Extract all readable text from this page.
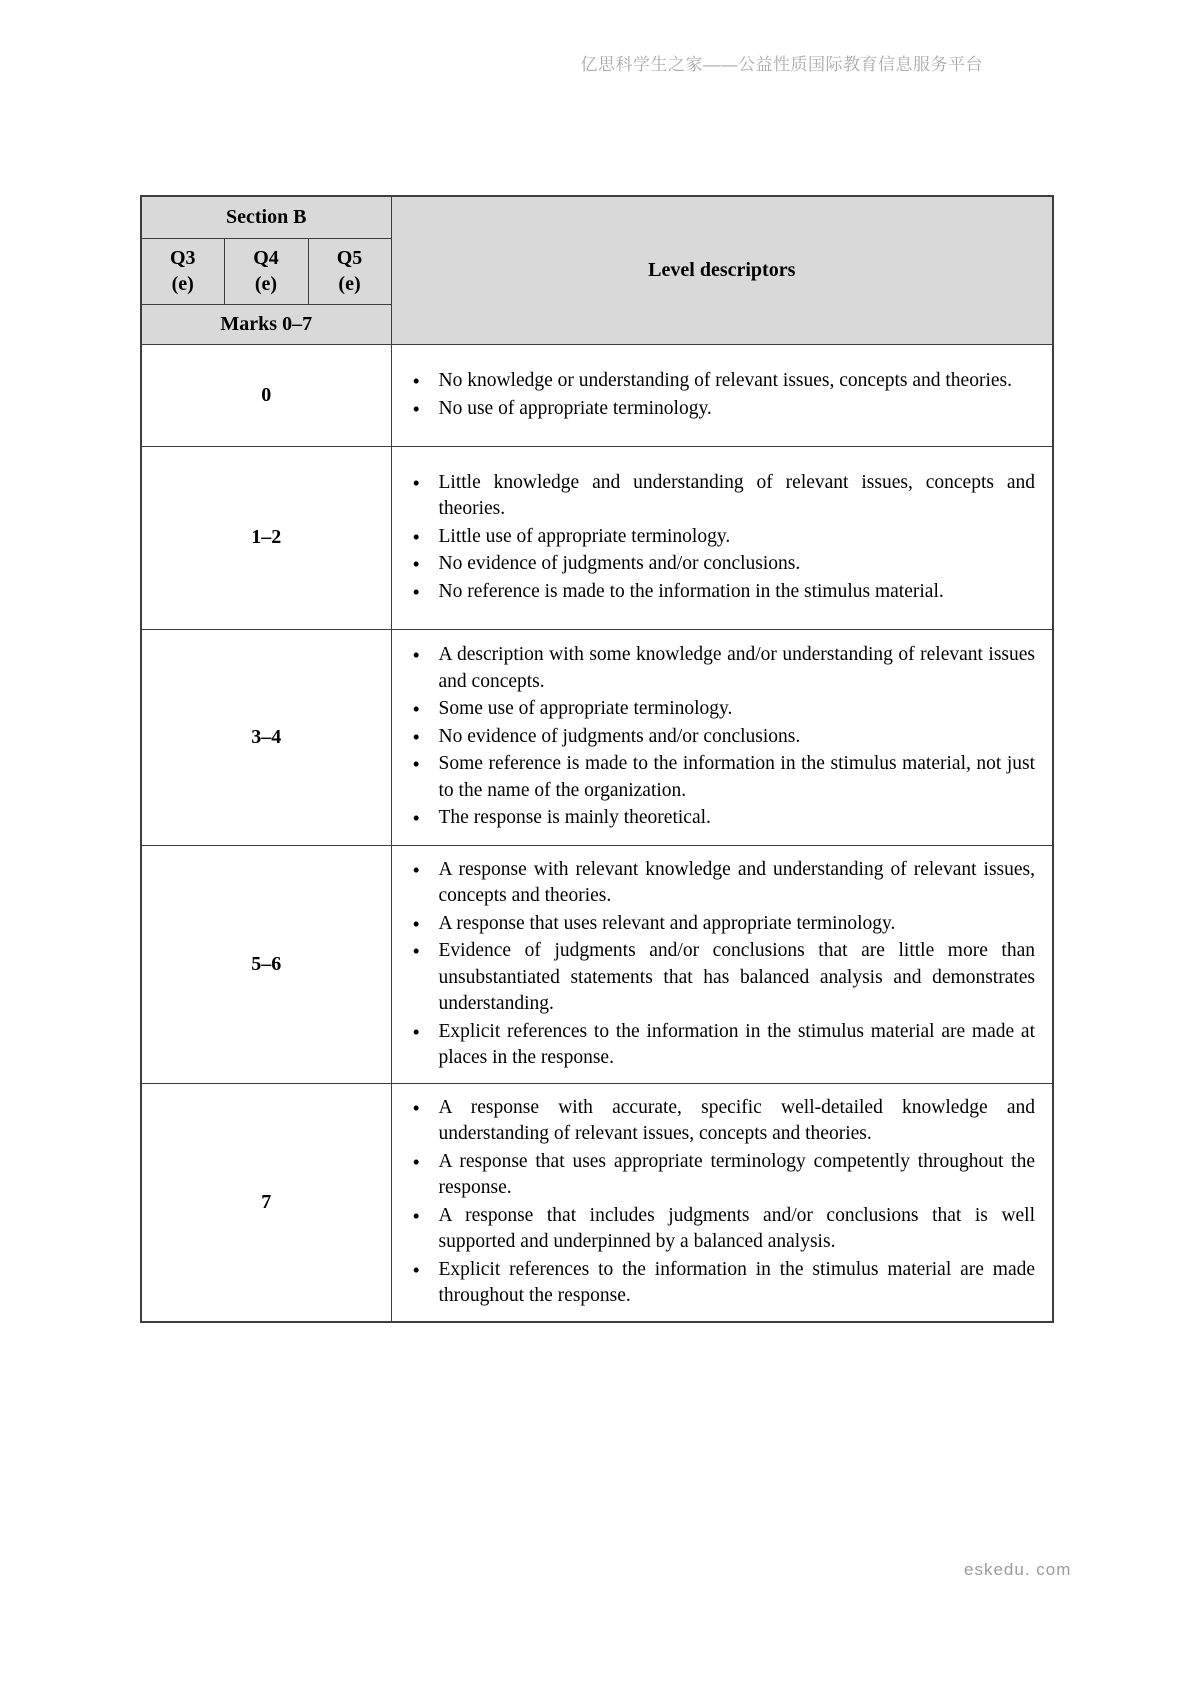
亿思科学生之家——公益性质国际教育信息服务平台
Section B			Level descriptors

Q3
(e)

Q4
(e)

Q5
(e)

Marks 0–7			
0	
• No knowledge or understanding of relevant issues, concepts and theories.
• No use of appropriate terminology.

1–2	
• Little knowledge and understanding of relevant issues, concepts and theories.
• Little use of appropriate terminology.
• No evidence of judgments and/or conclusions.
• No reference is made to the information in the stimulus material.

3–4	
• A description with some knowledge and/or understanding of relevant issues and concepts.
• Some use of appropriate terminology.
• No evidence of judgments and/or conclusions.
• Some reference is made to the information in the stimulus material, not just to the name of the organization.
• The response is mainly theoretical.

5–6	
• A response with relevant knowledge and understanding of relevant issues, concepts and theories.
• A response that uses relevant and appropriate terminology.
• Evidence of judgments and/or conclusions that are little more than unsubstantiated statements that has balanced analysis and demonstrates understanding.
• Explicit references to the information in the stimulus material are made at places in the response.

7	
• A response with accurate, specific well-detailed knowledge and understanding of relevant issues, concepts and theories.
• A response that uses appropriate terminology competently throughout the response.
• A response that includes judgments and/or conclusions that is well supported and underpinned by a balanced analysis.
• Explicit references to the information in the stimulus material are made throughout the response.
eskedu. com
